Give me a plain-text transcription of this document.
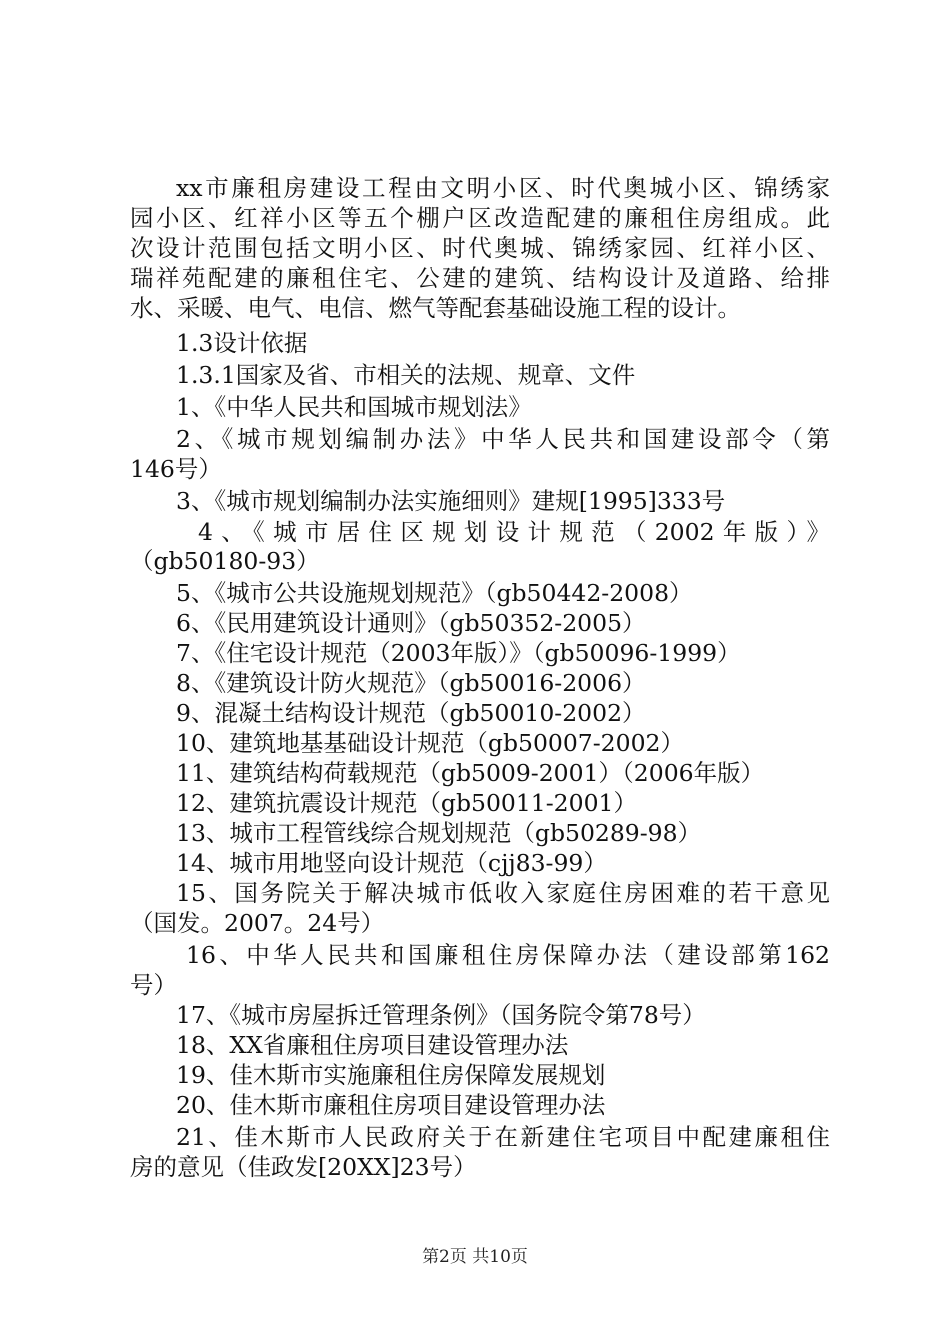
xx市廉租房建设工程由文明小区、时代奥城小区、锦绣家
园小区、红祥小区等五个棚户区改造配建的廉租住房组成。此
次设计范围包括文明小区、时代奥城、锦绣家园、红祥小区、
瑞祥苑配建的廉租住宅、公建的建筑、结构设计及道路、给排
水、采暖、电气、电信、燃气等配套基础设施工程的设计。
1.3设计依据
1.3.1国家及省、市相关的法规、规章、文件
1、《中华人民共和国城市规划法》
2、《城市规划编制办法》中华人民共和国建设部令（第
146号）
3、《城市规划编制办法实施细则》建规[1995]333号
4、《城市居住区规划设计规范（2002年版）》
（gb50180-93）
5、《城市公共设施规划规范》（gb50442-2008）
6、《民用建筑设计通则》（gb50352-2005）
7、《住宅设计规范（2003年版）》（gb50096-1999）
8、《建筑设计防火规范》（gb50016-2006）
9、混凝土结构设计规范（gb50010-2002）
10、建筑地基基础设计规范（gb50007-2002）
11、建筑结构荷载规范（gb5009-2001）（2006年版）
12、建筑抗震设计规范（gb50011-2001）
13、城市工程管线综合规划规范（gb50289-98）
14、城市用地竖向设计规范（cjj83-99）
15、国务院关于解决城市低收入家庭住房困难的若干意见
（国发。2007。24号）
16、中华人民共和国廉租住房保障办法（建设部第162
号）
17、《城市房屋拆迁管理条例》（国务院令第78号）
18、XX省廉租住房项目建设管理办法
19、佳木斯市实施廉租住房保障发展规划
20、佳木斯市廉租住房项目建设管理办法
21、佳木斯市人民政府关于在新建住宅项目中配建廉租住
房的意见（佳政发[20XX]23号）
第2页 共10页
